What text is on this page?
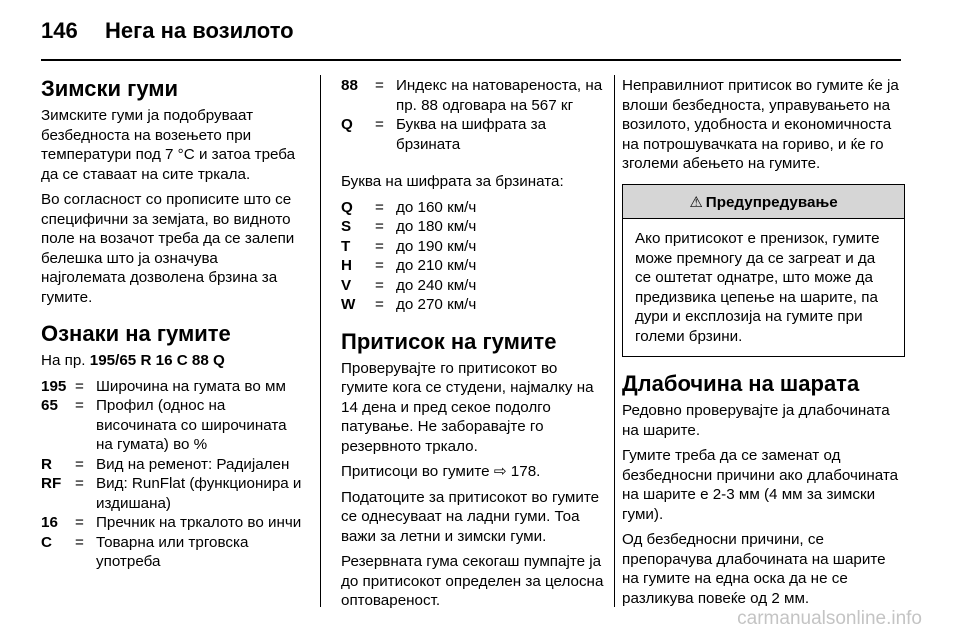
146 Нега на возилото
Зимски гуми

Зимските гуми ја подобруваат безбедноста на возењето при температури под 7 °C и затоа треба да се ставаат на сите тркала.

Во согласност со прописите што се специфични за земјата, во видното поле на возачот треба да се залепи белешка што ја означува најголемата дозволена брзина за гумите.

Ознаки на гумите

На пр. 195/65 R 16 C 88 Q

195 = Широчина на гумата во мм
65	= Профил (однос на височината со широчината на гумата) во %
R	= Вид на ременот: Радијален
RF = Вид: RunFlat (функционира и издишана)
16	= Пречник на тркалото во инчи
C	= Товарна или трговска употреба
88	= Индекс на натовареноста, на пр. 88 одговара на 567 кг
Q	= Буква на шифрата за брзината

Буква на шифрата за брзината:

Q	= до 160 км/ч
S	= до 180 км/ч
T	= до 190 км/ч
H	= до 210 км/ч
V	= до 240 км/ч
W	= до 270 км/ч
Притисок на гумите

Проверувајте го притисокот во гумите кога се студени, најмалку на 14 дена и пред секое подолго патување. Не заборавајте го резервното тркало.

Притисоци во гумите ⇨ 178.

Податоците за притисокот во гумите се однесуваат на ладни гуми. Тоа важи за летни и зимски гуми.

Резервната гума секогаш пумпајте ја до притисокот определен за целосна оптовареност.

Неправилниот притисок во гумите ќе ја влоши безбедноста, управувањето на возилото, удобноста и економичноста на потрошувачката на гориво, и ќе го зголеми абењето на гумите.

⚠ Предупредување
Ако притисокот е пренизок, гумите може премногу да се загреат и да се оштетат однатре, што може да предизвика цепење на шарите, па дури и експлозија на гумите при големи брзини.
Длабочина на шарата

Редовно проверувајте ја длабочината на шарите.

Гумите треба да се заменат од безбедносни причини ако длабочината на шарите е 2-3 мм (4 мм за зимски гуми).

Од безбедносни причини, се препорачува длабочината на шарите на гумите на една оска да не се разликува повеќе од 2 мм.

carmanualsonline.info
